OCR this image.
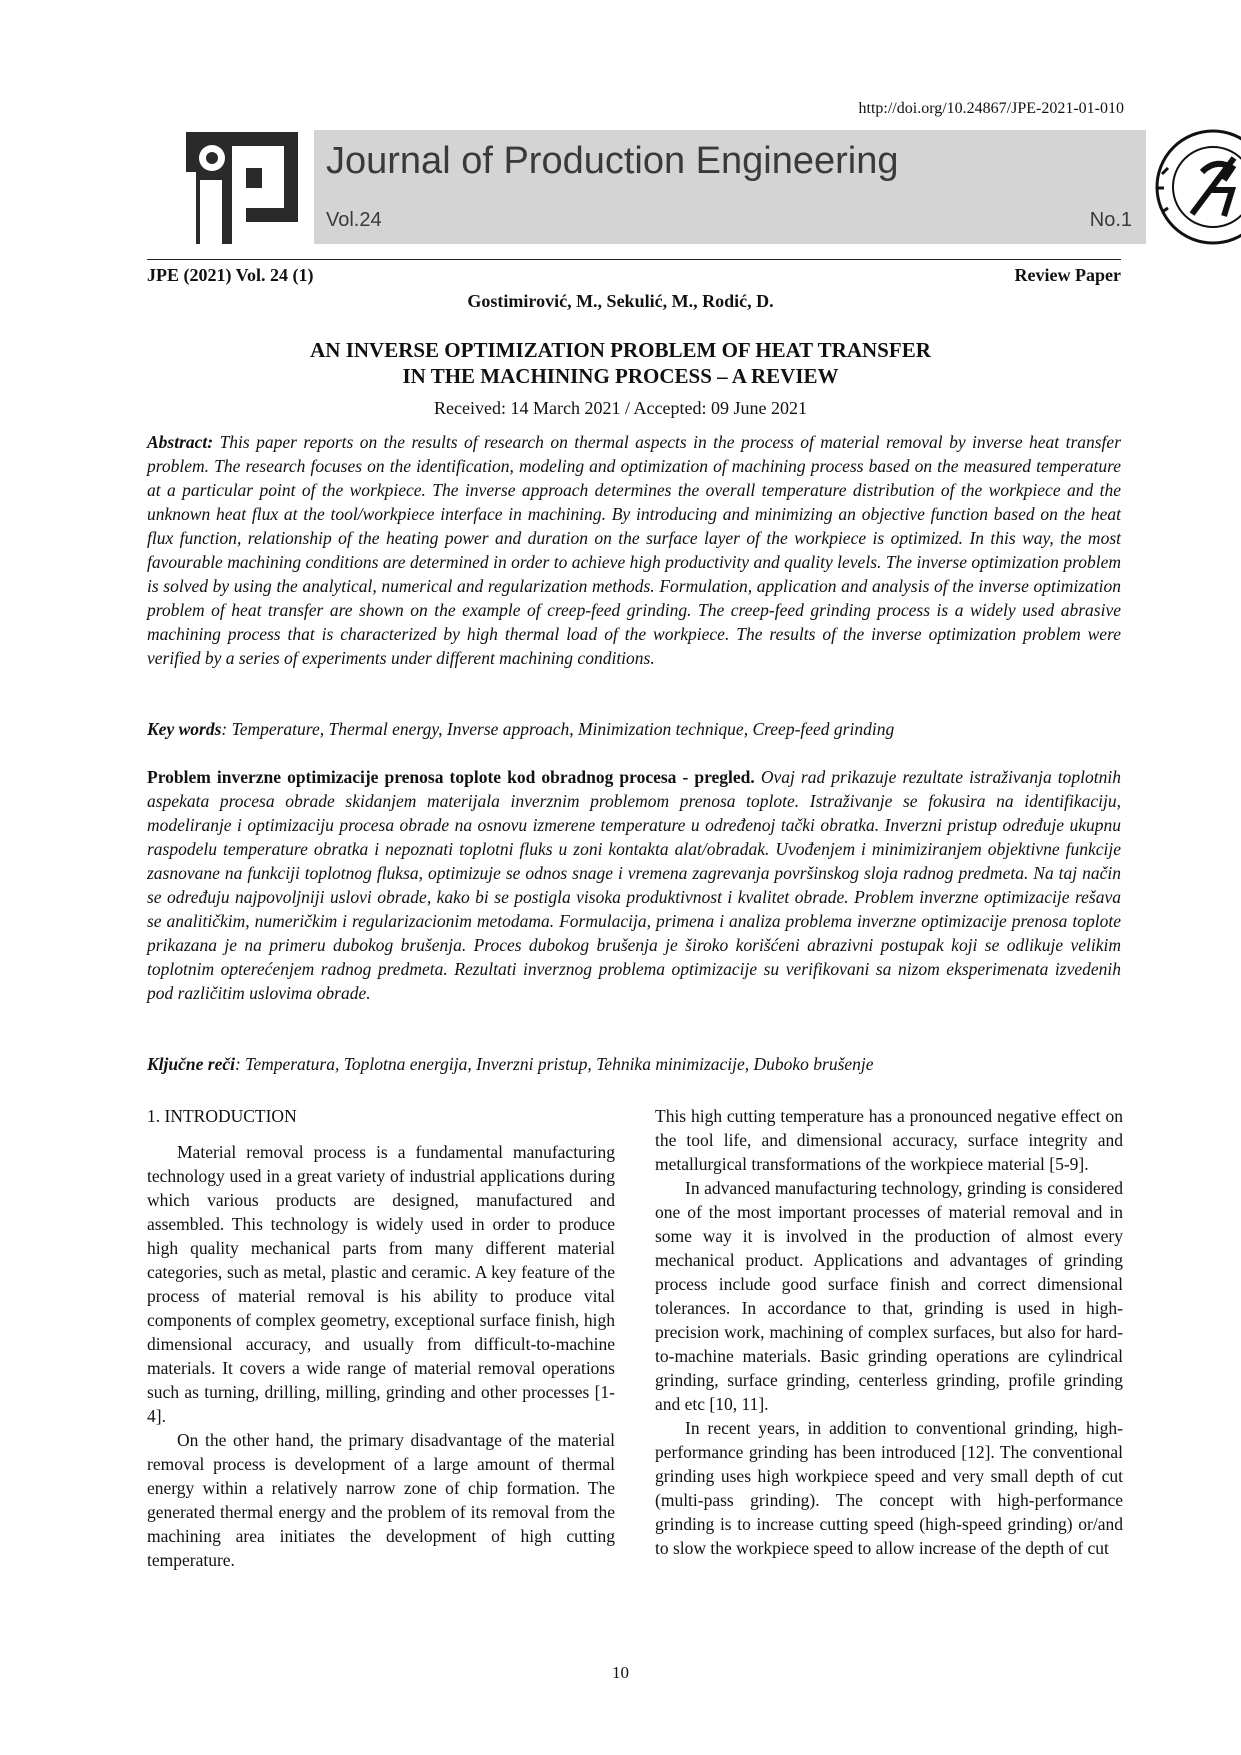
http://doi.org/10.24867/JPE-2021-01-010
Journal of Production Engineering
Vol.24	No.1
JPE (2021) Vol. 24 (1)	Review Paper
Gostimirović, M., Sekulić, M., Rodić, D.
AN INVERSE OPTIMIZATION PROBLEM OF HEAT TRANSFER
IN THE MACHINING PROCESS – A REVIEW
Received: 14 March 2021 / Accepted: 09 June 2021
Abstract: This paper reports on the results of research on thermal aspects in the process of material removal by inverse heat transfer problem. The research focuses on the identification, modeling and optimization of machining process based on the measured temperature at a particular point of the workpiece. The inverse approach determines the overall temperature distribution of the workpiece and the unknown heat flux at the tool/workpiece interface in machining. By introducing and minimizing an objective function based on the heat flux function, relationship of the heating power and duration on the surface layer of the workpiece is optimized. In this way, the most favourable machining conditions are determined in order to achieve high productivity and quality levels. The inverse optimization problem is solved by using the analytical, numerical and regularization methods. Formulation, application and analysis of the inverse optimization problem of heat transfer are shown on the example of creep-feed grinding. The creep-feed grinding process is a widely used abrasive machining process that is characterized by high thermal load of the workpiece. The results of the inverse optimization problem were verified by a series of experiments under different machining conditions.
Key words: Temperature, Thermal energy, Inverse approach, Minimization technique, Creep-feed grinding
Problem inverzne optimizacije prenosa toplote kod obradnog procesa - pregled. Ovaj rad prikazuje rezultate istraživanja toplotnih aspekata procesa obrade skidanjem materijala inverznim problemom prenosa toplote. Istraživanje se fokusira na identifikaciju, modeliranje i optimizaciju procesa obrade na osnovu izmerene temperature u određenoj tački obratka. Inverzni pristup određuje ukupnu raspodelu temperature obratka i nepoznati toplotni fluks u zoni kontakta alat/obradak. Uvođenjem i minimiziranjem objektivne funkcije zasnovane na funkciji toplotnog fluksa, optimizuje se odnos snage i vremena zagrevanja površinskog sloja radnog predmeta. Na taj način se određuju najpovoljniji uslovi obrade, kako bi se postigla visoka produktivnost i kvalitet obrade. Problem inverzne optimizacije rešava se analitičkim, numeričkim i regularizacionim metodama. Formulacija, primena i analiza problema inverzne optimizacije prenosa toplote prikazana je na primeru dubokog brušenja. Proces dubokog brušenja je široko korišćeni abrazivni postupak koji se odlikuje velikim toplotnim opterećenjem radnog predmeta. Rezultati inverznog problema optimizacije su verifikovani sa nizom eksperimenata izvedenih pod različitim uslovima obrade.
Ključne reči: Temperatura, Toplotna energija, Inverzni pristup, Tehnika minimizacije, Duboko brušenje
1. INTRODUCTION

Material removal process is a fundamental manufacturing technology used in a great variety of industrial applications during which various products are designed, manufactured and assembled. This technology is widely used in order to produce high quality mechanical parts from many different material categories, such as metal, plastic and ceramic. A key feature of the process of material removal is his ability to produce vital components of complex geometry, exceptional surface finish, high dimensional accuracy, and usually from difficult-to-machine materials. It covers a wide range of material removal operations such as turning, drilling, milling, grinding and other processes [1-4].

On the other hand, the primary disadvantage of the material removal process is development of a large amount of thermal energy within a relatively narrow zone of chip formation. The generated thermal energy and the problem of its removal from the machining area initiates the development of high cutting temperature.

This high cutting temperature has a pronounced negative effect on the tool life, and dimensional accuracy, surface integrity and metallurgical transformations of the workpiece material [5-9].

In advanced manufacturing technology, grinding is considered one of the most important processes of material removal and in some way it is involved in the production of almost every mechanical product. Applications and advantages of grinding process include good surface finish and correct dimensional tolerances. In accordance to that, grinding is used in high-precision work, machining of complex surfaces, but also for hard-to-machine materials. Basic grinding operations are cylindrical grinding, surface grinding, centerless grinding, profile grinding and etc [10, 11].

In recent years, in addition to conventional grinding, high-performance grinding has been introduced [12]. The conventional grinding uses high workpiece speed and very small depth of cut (multi-pass grinding). The concept with high-performance grinding is to increase cutting speed (high-speed grinding) or/and to slow the workpiece speed to allow increase of the depth of cut

10
